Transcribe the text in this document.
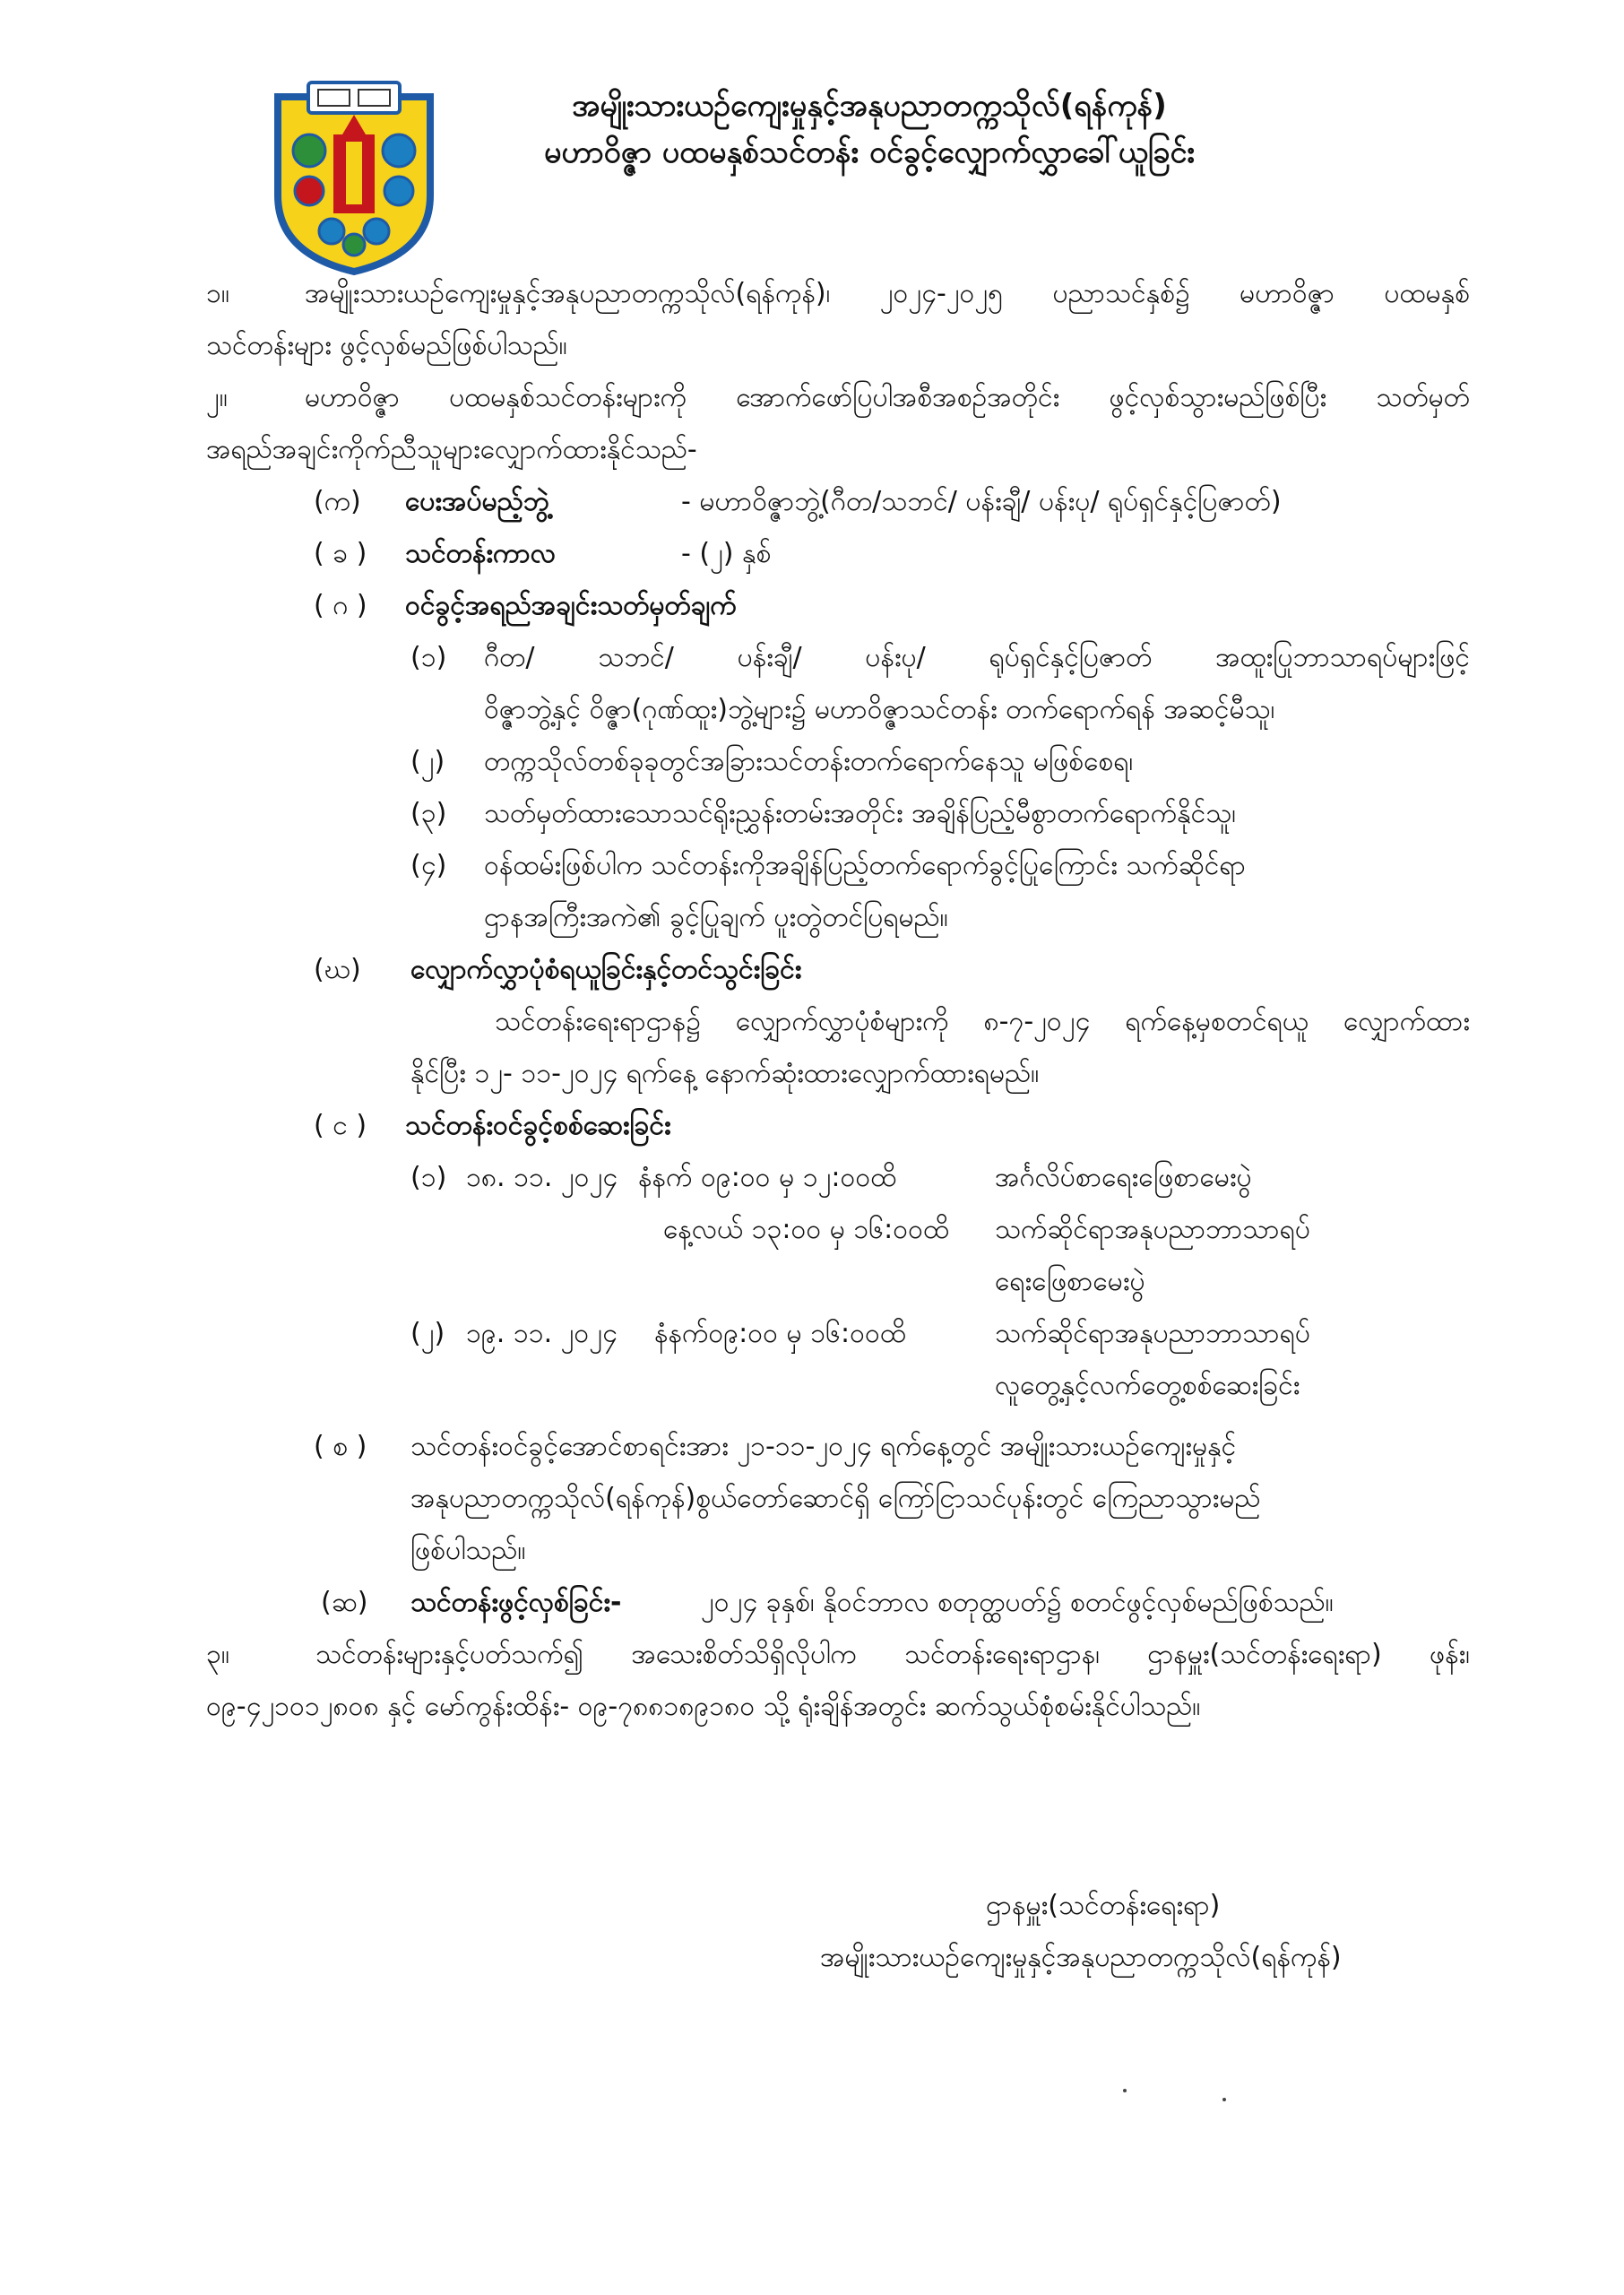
အမျိုးသားယဉ်ကျေးမှုနှင့်အနုပညာတက္ကသိုလ်(ရန်ကုန်)
မဟာဝိဇ္ဇာ ပထမနှစ်သင်တန်း ဝင်ခွင့်လျှောက်လွှာခေါ်ယူခြင်း
၁။	အမျိုးသားယဉ်ကျေးမှုနှင့်အနုပညာတက္ကသိုလ်(ရန်ကုန်)၊ ၂၀၂၄-၂၀၂၅ ပညာသင်နှစ်၌ မဟာဝိဇ္ဇာ ပထမနှစ်
သင်တန်းများ ဖွင့်လှစ်မည်ဖြစ်ပါသည်။
၂။	မဟာဝိဇ္ဇာ ပထမနှစ်သင်တန်းများကို အောက်ဖော်ပြပါအစီအစဉ်အတိုင်း ဖွင့်လှစ်သွားမည်ဖြစ်ပြီး သတ်မှတ်
အရည်အချင်းကိုက်ညီသူများလျှောက်ထားနိုင်သည်-
(က) ပေးအပ်မည့်ဘွဲ့	- မဟာဝိဇ္ဇာဘွဲ့(ဂီတ/သဘင်/ ပန်းချီ/ ပန်းပု/ ရုပ်ရှင်နှင့်ပြဇာတ်)
( ခ ) သင်တန်းကာလ	- (၂) နှစ်
( ဂ ) ဝင်ခွင့်အရည်အချင်းသတ်မှတ်ချက်
(၁) ဂီတ/ သဘင်/ ပန်းချီ/ ပန်းပု/ ရုပ်ရှင်နှင့်ပြဇာတ် အထူးပြုဘာသာရပ်များဖြင့်
ဝိဇ္ဇာဘွဲ့နှင့် ဝိဇ္ဇာ(ဂုဏ်ထူး)ဘွဲ့များ၌ မဟာဝိဇ္ဇာသင်တန်း တက်ရောက်ရန် အဆင့်မီသူ၊
(၂) တက္ကသိုလ်တစ်ခုခုတွင်အခြားသင်တန်းတက်ရောက်နေသူ မဖြစ်စေရ၊
(၃) သတ်မှတ်ထားသောသင်ရိုးညွှန်းတမ်းအတိုင်း အချိန်ပြည့်မီစွာတက်ရောက်နိုင်သူ၊
(၄) ဝန်ထမ်းဖြစ်ပါက သင်တန်းကိုအချိန်ပြည့်တက်ရောက်ခွင့်ပြုကြောင်း သက်ဆိုင်ရာ
ဌာနအကြီးအကဲ၏ ခွင့်ပြုချက် ပူးတွဲတင်ပြရမည်။
(ဃ) လျှောက်လွှာပုံစံရယူခြင်းနှင့်တင်သွင်းခြင်း
သင်တန်းရေးရာဌာန၌ လျှောက်လွှာပုံစံများကို ၈-၇-၂၀၂၄ ရက်နေ့မှစတင်ရယူ လျှောက်ထား
နိုင်ပြီး ၁၂- ၁၁-၂၀၂၄ ရက်နေ့ နောက်ဆုံးထားလျှောက်ထားရမည်။
( င ) သင်တန်းဝင်ခွင့်စစ်ဆေးခြင်း
(၁) ၁၈. ၁၁. ၂၀၂၄ နံနက် ၀၉:၀၀ မှ ၁၂:၀၀ထိ	အင်္ဂလိပ်စာရေးဖြေစာမေးပွဲ
နေ့လယ် ၁၃:၀၀ မှ ၁၆:၀၀ထိ သက်ဆိုင်ရာအနုပညာဘာသာရပ်
ရေးဖြေစာမေးပွဲ
(၂) ၁၉. ၁၁. ၂၀၂၄ နံနက်၀၉:၀၀ မှ ၁၆:၀၀ထိ	သက်ဆိုင်ရာအနုပညာဘာသာရပ်
လူတွေ့နှင့်လက်တွေ့စစ်ဆေးခြင်း
( စ ) သင်တန်းဝင်ခွင့်အောင်စာရင်းအား ၂၁-၁၁-၂၀၂၄ ရက်နေ့တွင် အမျိုးသားယဉ်ကျေးမှုနှင့်
အနုပညာတက္ကသိုလ်(ရန်ကုန်)စွယ်တော်ဆောင်ရှိ ကြော်ငြာသင်ပုန်းတွင် ကြေညာသွားမည်
ဖြစ်ပါသည်။
(ဆ) သင်တန်းဖွင့်လှစ်ခြင်း-	၂၀၂၄ ခုနှစ်၊ နိုဝင်ဘာလ စတုတ္ထပတ်၌ စတင်ဖွင့်လှစ်မည်ဖြစ်သည်။
၃။	သင်တန်းများနှင့်ပတ်သက်၍ အသေးစိတ်သိရှိလိုပါက သင်တန်းရေးရာဌာန၊ ဌာနမှူး(သင်တန်းရေးရာ) ဖုန်း၊
၀၉-၄၂၁၀၁၂၈၀၈ နှင့် မော်ကွန်းထိန်း- ၀၉-၇၈၈၁၈၉၁၈၀ သို့ ရုံးချိန်အတွင်း ဆက်သွယ်စုံစမ်းနိုင်ပါသည်။
ဌာနမှူး(သင်တန်းရေးရာ)
အမျိုးသားယဉ်ကျေးမှုနှင့်အနုပညာတက္ကသိုလ်(ရန်ကုန်)
